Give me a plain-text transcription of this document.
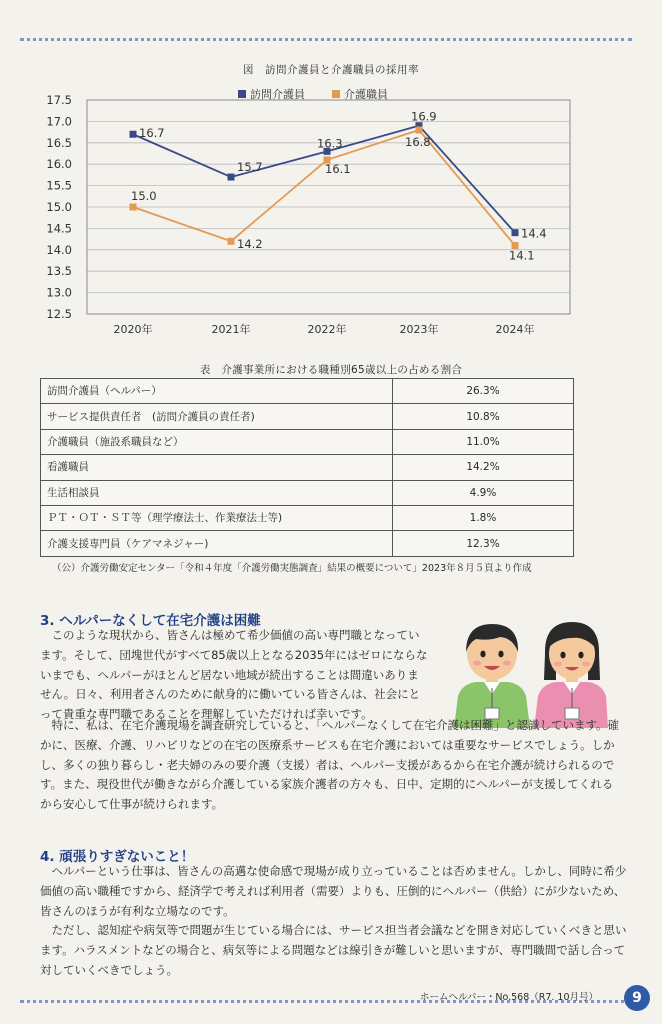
図　訪問介護員と介護職員の採用率
17.5
17.0
16.5
16.0
15.5
15.0
14.5
14.0
13.5
13.0
12.5
2020年	2021年	2022年	2023年	2024年
16.7
15.7
16.3
16.9
14.4
15.0
14.2
16.1
16.8
14.1
訪問介護員	介護職員
表　介護事業所における職種別65歳以上の占める割合
訪問介護員（ヘルパー）	26.3%
サービス提供責任者　(訪問介護員の責任者)	10.8%
介護職員（施設系職員など）	11.0%
看護職員	14.2%
生活相談員	4.9%
ＰＴ・ＯＴ・ＳＴ等（理学療法士、作業療法士等)	1.8%
介護支援専門員（ケアマネジャー)	12.3%
（公）介護労働安定センター「令和４年度「介護労働実態調査」結果の概要について」2023年８月５頁より作成
3. ヘルパーなくして在宅介護は困難

このような現状から、皆さんは極めて希少価値の高い専門職となっています。そして、団塊世代がすべて85歳以上となる2035年にはゼロにならないまでも、ヘルパーがほとんど居ない地域が続出することは間違いありません。日々、利用者さんのために献身的に働いている皆さんは、社会にとって貴重な専門職であることを理解していただければ幸いです。

特に、私は、在宅介護現場を調査研究していると、「ヘルパーなくして在宅介護は困難」と認識しています。確かに、医療、介護、リハビリなどの在宅の医療系サービスも在宅介護においては重要なサービスでしょう。しかし、多くの独り暮らし・老夫婦のみの要介護（支援）者は、ヘルパー支援があるから在宅介護が続けられるのです。また、現役世代が働きながら介護している家族介護者の方々も、日中、定期的にヘルパーが支援してくれるから安心して仕事が続けられます。

4. 頑張りすぎないこと！

ヘルパーという仕事は、皆さんの高邁な使命感で現場が成り立っていることは否めません。しかし、同時に希少価値の高い職種ですから、経済学で考えれば利用者（需要）よりも、圧倒的にヘルパー（供給）にが少ないため、皆さんのほうが有利な立場なのです。

ただし、認知症や病気等で問題が生じている場合には、サービス担当者会議などを開き対応していくべきと思います。ハラスメントなどの場合と、病気等による問題などは線引きが難しいと思いますが、専門職間で話し合って対していくべきでしょう。

ホームヘルパー・No.568（R7. 10月号）	9
